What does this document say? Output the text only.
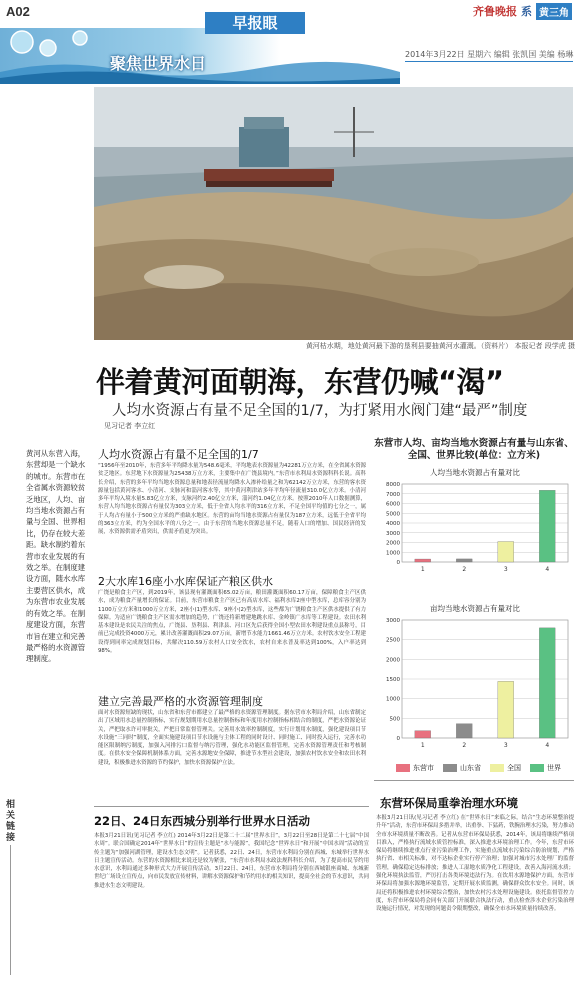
A02	齐鲁晚报 系 黄三角
早报眼
聚焦世界水日	2014年3月22日 星期六 编辑 张凯国 美编 杨琳
黄河枯水期，地处黄河最下游的垦利县要抽黄河水灌溉。（资料片） 本报记者 段学虎 摄
伴着黄河面朝海，东营仍喊“渴”
人均水资源占有量不足全国的1/7，为打紧用水阀门建“最严”制度
见习记者 李立红
黄河从东营入海，东营却是一个缺水的城市。东营市在全省属水资源较贫乏地区，人均、亩均当地水资源占有量与全国、世界相比，仍存在较大差距。缺水制约着东营市农业发展的有效之举。在制度建设方面，随水水库主要营区供水，成为东营市农业发展的有效之举。在制度建设方面，东营市旨在建立和完善最严格的水资源管理制度。
相关链接
人均水资源占有量不足全国的1/7
“1956年至2010年，东营多年平均降水量为548.6毫米，平均地表水资源量为42281万立方米，在全省属水资源贫乏地区。东营地下水资源量为25438万立方米，主要集中在广饶县境内。”东营市水利局水资源科科长说。高科长介绍，东营的多年平均当地水资源总量和地表径流量均降水入渗补给量之和为62142万立方米，东营的客水资源量包括黄河客水、小清河、支脉河和淄河客水等，其中黄河利津站多年平均年径流量310.0亿立方米。小清河多年平均入境水量5.83亿立方米，支脉河约2.40亿立方米，淄河约1.04亿立方米。按照2010年人口数据测算，东营人均当地水资源占有量仅为303立方米，低于全省人均水平的316立方米，不足全国平均值的七分之一，属于人均占有量小于500立方米的严重缺水地区。东营的亩均当地水资源占有量仅为187立方米，远低于全省平均的363立方米，约为全国水平的八分之一。由于东营的当地水资源总量不足，随着人口的增加、国民经济的发展，水资源供需矛盾突出，供需矛盾更为突出。
2大水库16座小水库保证产粮区供水
广饶是粮食主产区，到2019年，该县现有灌溉面积65.02万亩，粮田灌溉面积60.17万亩，保障粮食主产区供水，成为粮食产量增长的保证。目前，东营市粮食主产区已有高店水库、福利水库2座中型水库，总库容分别为1100万立方米和1000万立方米，2座小(1)型水库、9座小(2)型水库，这些都为广饶粮食主产区供水提供了有力保障。为适应广饶粮食主产区需水增加的趋势，广饶还将新增建地跳水库、金岭镇广水库等工程建设。农田水利基本建设是农民关注的焦点，广饶县、垦利县、利津县、河口区先后获得全国小型农田水利建设重点县称号，目前已完成投资4000万元，累计改善灌溉面积29.07万亩，新增节水能力1661.46万立方米。农村饮水安全工程建设得到同率完成规划目标，共解决110.59万农村人口安全饮水，农村自来水普及率达到100%，入户率达到98%。
建立完善最严格的水资源管理制度
面对水资源短缺的现状，山东省和东营市都建立了最严格的水资源管理制度。据东营市水利局介绍，山东省制定出了区域用水总量控制指标，实行规划期用水总量控制指标和年度用水控制指标相结合的制度，严把水资源论证关，严把取水许可审批关，严把日常监督管理关。完善用水效率控制制度，实行计划用水制度，强化建设项目节水设施“三同时”制度，全面实施建设项目节水设施与主体工程的同时设计、同时施工、同时投入运行，完善水功能区限制纳污制度，加强入河排污口监督与纳污管理，强化水功能区监督管理，完善水资源管理责任和考核制度。在供水安全保障机制体系方面，完善水源地安全保障，推进节水型社会建设，加强农村饮水安全和农田水利建设，积极推进水资源的节约保护，加快水资源保护立法。
22日、24日东西城分别举行世界水日活动
本报3月21日讯(见习记者 李立红) 2014年3月22日是第二十二届“世界水日”，3月22日至28日是第二十七届“中国水周”。联合国确定2014年“世界水日”的宣传主题是“水与能源”，我国纪念“世界水日”和开展“中国水周”活动的宣传主题为“加强河湖管理，建设水生态文明”。记者获悉，22日、24日，东营市水利局分别在西城、东城举行世界水日主题宣传活动。东营的水资源相比来说还是较为紧张，“东营市水利局水政法规科科长介绍，为了提高市民节约用水意识，水利局通过多种形式大力开展宣传活动。3月22日、24日，东营市水利局将分别在西城银座商城、东城新世纪广场设立宣传点，向市民发放宣传材料，讲解水资源保护和节约用水的相关知识，提高全社会的节水意识，共同推进水生态文明建设。
东营市人均、亩均当地水资源占有量与山东省、全国、世界比较(单位：立方米)
人均当地水资源占有量对比
0
1000
2000
3000
4000
5000
6000
7000
8000
1	2	3	4
亩均当地水资源占有量对比
0
500
1000
1500
2000
2500
3000
1	2	3	4
东营市	山东省	全国	世界
东营环保局重拳治理水环境
本报3月21日讯(见习记者 李立红) 在“世界水日”来临之际，结合“生态环境整治提升年”活动，东营市环保局多措并举，出重拳、下猛药，铁腕治理水污染，努力推动全市水环境质量不断改善。记者从东营市环保局获悉，2014年，该局将继续严格项目准入，严格执行流域水质管控标准，深入推进水环境治理工作。今年，东营市环保局将继续推进重点行业污染治理工作，实施重点流域水污染综合防治规划，严格执行省、市相关标准，对不达标企业实行停产治理；加强对城市污水处理厂的监督管理，确保稳定达标排放；推进人工湿地水质净化工程建设，改善入海河流水质；强化环境执法监管，严厉打击各类环境违法行为。在饮用水源地保护方面，东营市环保局将加强水源地环境监管，定期开展水质监测，确保群众饮水安全。同时，该局还将积极推进农村环境综合整治，加快农村污水处理设施建设。依托监督管控力度，东营市环保局将会同有关部门开展联合执法行动，重点检查涉水企业污染治理设施运行情况，对发现的问题责令限期整改，确保全市水环境质量持续改善。
